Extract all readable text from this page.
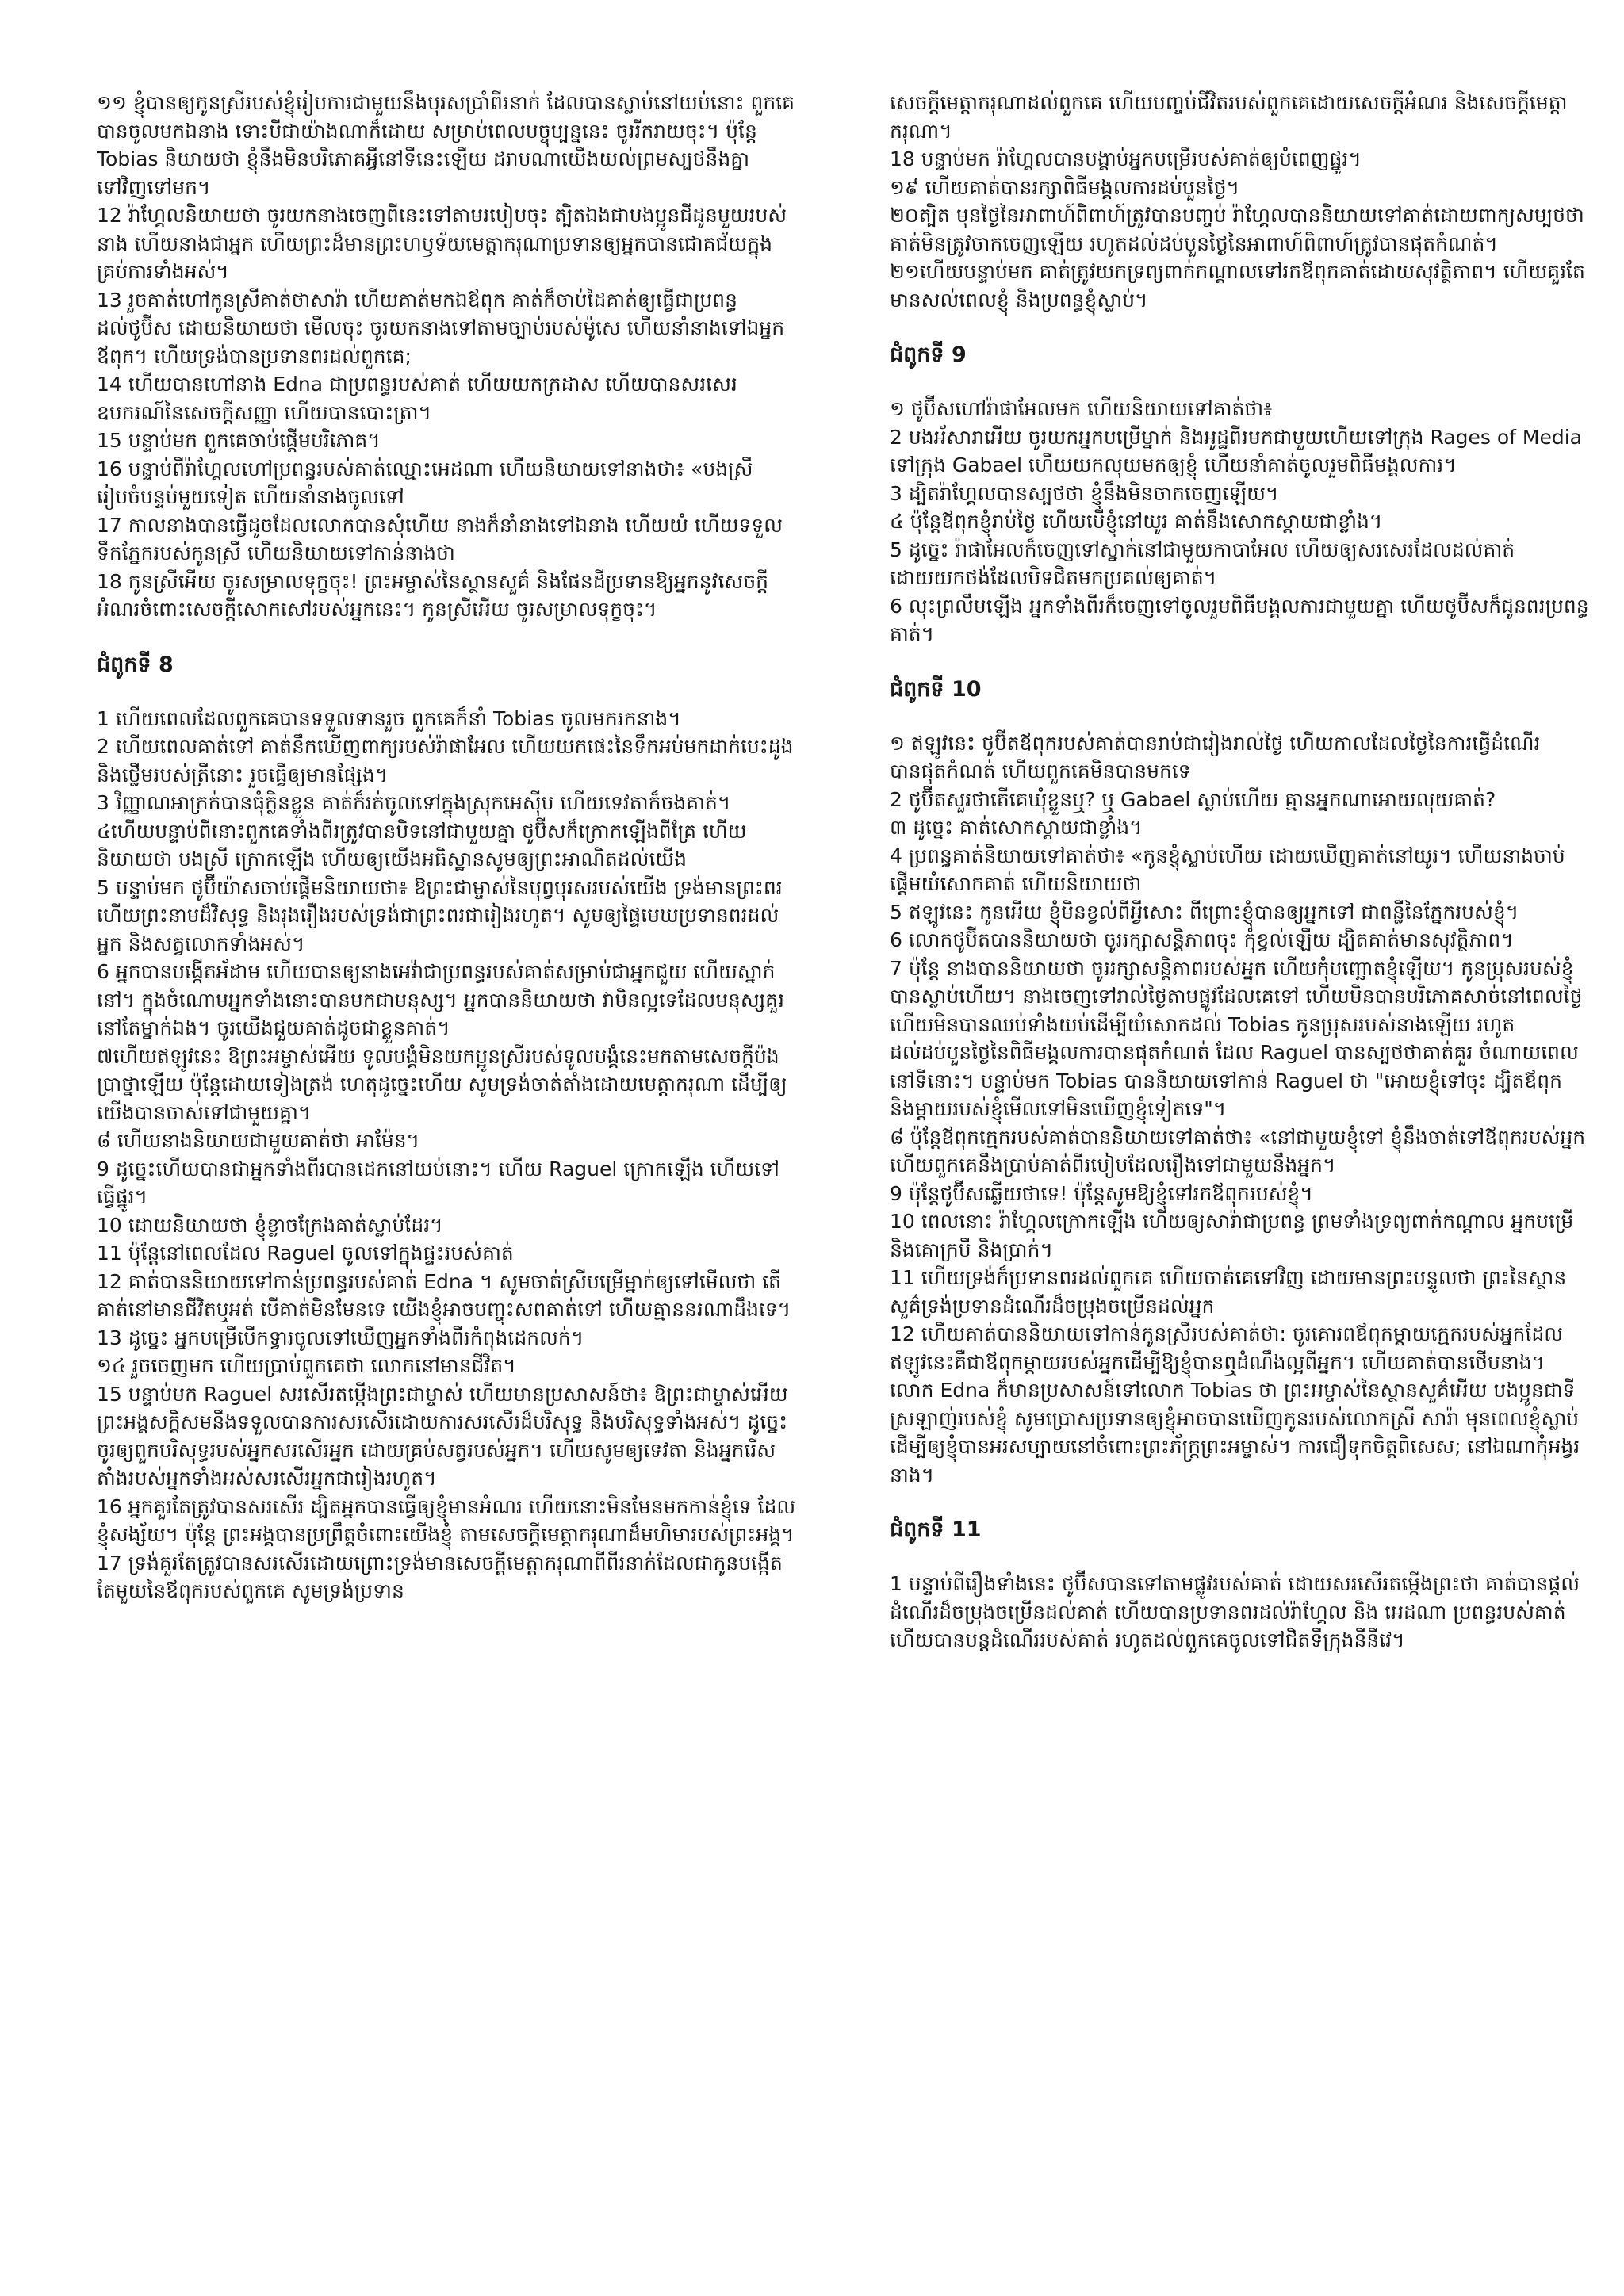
១១ ខ្ញុំបានឲ្យកូនស្រីរបស់ខ្ញុំរៀបការជាមួយនឹងបុរសប្រាំពីរនាក់ ដែលបានស្លាប់នៅយប់នោះ ពួកគេបានចូលមកឯនាង ទោះបីជាយ៉ាងណាក៏ដោយ សម្រាប់ពេលបច្ចុប្បន្ននេះ ចូររីករាយចុះ។ ប៉ុន្តែ Tobias និយាយថា ខ្ញុំនឹងមិនបរិភោគអ្វីនៅទីនេះឡើយ ដរាបណាយើងយល់ព្រមស្បថនឹងគ្នាទៅវិញទៅមក។

12 រ៉ាហ្គែលនិយាយថា ចូរយកនាងចេញពីនេះទៅតាមរបៀបចុះ ត្បិតឯងជាបងប្អូនជីដូនមួយរបស់នាង ហើយនាងជាអ្នក ហើយព្រះដ៏មានព្រះហឫទ័យមេត្តាករុណាប្រទានឲ្យអ្នកបានជោគជ័យក្នុងគ្រប់ការទាំងអស់។

13 រួចគាត់ហៅកូនស្រីគាត់ថាសារ៉ា ហើយគាត់មកឯឪពុក គាត់ក៏ចាប់ដៃគាត់ឲ្យធ្វើជាប្រពន្ធដល់ថូប៊ីស ដោយនិយាយថា មើលចុះ ចូរយកនាងទៅតាមច្បាប់របស់ម៉ូសេ ហើយនាំនាងទៅឯអ្នក ឪពុក។ ហើយទ្រង់បានប្រទានពរដល់ពួកគេ;

14 ហើយបានហៅនាង Edna ជាប្រពន្ធរបស់គាត់ ហើយយកក្រដាស ហើយបានសរសេរឧបករណ៍នៃសេចក្ដីសញ្ញា ហើយបានបោះត្រា។

15 បន្ទាប់មក ពួកគេចាប់ផ្ដើមបរិភោគ។

16 បន្ទាប់ពីរ៉ាហ្គែលហៅប្រពន្ធរបស់គាត់ឈ្មោះអេដណា ហើយនិយាយទៅនាងថា៖ «បងស្រីរៀបចំបន្ទប់មួយទៀត ហើយនាំនាងចូលទៅ

17 កាលនាងបានធ្វើដូចដែលលោកបានសុំហើយ នាងក៏នាំនាងទៅឯនាង ហើយយំ ហើយទទួលទឹកភ្នែករបស់កូនស្រី ហើយនិយាយទៅកាន់នាងថា

18 កូនស្រីអើយ ចូរសម្រាលទុក្ខចុះ! ព្រះអម្ចាស់នៃស្ថានសួគ៌ និងផែនដីប្រទានឱ្យអ្នកនូវសេចក្ដីអំណរចំពោះសេចក្ដីសោកសៅរបស់អ្នកនេះ។ កូនស្រីអើយ ចូរសម្រាលទុក្ខចុះ។

ជំពូកទី 8

1 ហើយពេលដែលពួកគេបានទទួលទានរួច ពួកគេក៏នាំ Tobias ចូលមករកនាង។

2 ហើយពេលគាត់ទៅ គាត់នឹកឃើញពាក្យរបស់រ៉ាផាអែល ហើយយកផេះនៃទឹកអប់មកដាក់បេះដូង និងថ្លើមរបស់ត្រីនោះ រួចធ្វើឲ្យមានផ្សែង។

3 វិញ្ញាណអាក្រក់បានធុំក្លិនខ្លួន គាត់ក៏រត់ចូលទៅក្នុងស្រុកអេស៊ីប ហើយទេវតាក៏ចងគាត់។

៤ហើយបន្ទាប់ពីនោះពួកគេទាំងពីរត្រូវបានបិទនៅជាមួយគ្នា ថូប៊ីសក៏ក្រោកឡើងពីគ្រែ ហើយនិយាយថា បងស្រី ក្រោកឡើង ហើយឲ្យយើងអធិស្ឋានសូមឲ្យព្រះអាណិតដល់យើង

5 បន្ទាប់មក ថូប៊ីយ៉ាសចាប់ផ្ដើមនិយាយថា៖ ឱព្រះជាម្ចាស់នៃបុព្វបុរសរបស់យើង ទ្រង់មានព្រះពរ ហើយព្រះនាមដ៏វិសុទ្ធ និងរុងរឿងរបស់ទ្រង់ជាព្រះពរជារៀងរហូត។ សូមឲ្យផ្ទៃមេឃប្រទានពរដល់អ្នក និងសត្វលោកទាំងអស់។

6 អ្នកបានបង្កើតអ័ដាម ហើយបានឲ្យនាងអេវ៉ាជាប្រពន្ធរបស់គាត់សម្រាប់ជាអ្នកជួយ ហើយស្នាក់នៅ។ ក្នុងចំណោមអ្នកទាំងនោះបានមកជាមនុស្ស។ អ្នកបាននិយាយថា វាមិនល្អទេដែលមនុស្សគួរនៅតែម្នាក់ឯង។ ចូរយើងជួយគាត់ដូចជាខ្លួនគាត់។

៧ហើយឥឡូវនេះ ឱព្រះអម្ចាស់អើយ ទូលបង្គំមិនយកប្អូនស្រីរបស់ទូលបង្គំនេះមកតាមសេចក្ដីប៉ងប្រាថ្នាឡើយ ប៉ុន្តែដោយទៀងត្រង់ ហេតុដូច្នេះហើយ សូមទ្រង់ចាត់តាំងដោយមេត្តាករុណា ដើម្បីឲ្យយើងបានចាស់ទៅជាមួយគ្នា។

៨ ហើយនាងនិយាយជាមួយគាត់ថា អាម៉ែន។

9 ដូច្នេះហើយបានជាអ្នកទាំងពីរបានដេកនៅយប់នោះ។ ហើយ Raguel ក្រោកឡើង ហើយទៅធ្វើផ្នូរ។

10 ដោយនិយាយថា ខ្ញុំខ្លាចក្រែងគាត់ស្លាប់ដែរ។

11 ប៉ុន្តែនៅពេលដែល Raguel ចូលទៅក្នុងផ្ទះរបស់គាត់

12 គាត់បាននិយាយទៅកាន់ប្រពន្ធរបស់គាត់ Edna ។ សូមចាត់ស្រីបម្រើម្នាក់ឲ្យទៅមើលថា តើគាត់នៅមានជីវិតឬអត់ បើគាត់មិនមែនទេ យើងខ្ញុំអាចបញ្ចុះសពគាត់ទៅ ហើយគ្មាននរណាដឹងទេ។

13 ដូច្នេះ អ្នកបម្រើបើកទ្វារចូលទៅឃើញអ្នកទាំងពីរកំពុងដេកលក់។

១៤ រួចចេញមក ហើយប្រាប់ពួកគេថា លោកនៅមានជីវិត។

15 បន្ទាប់មក Raguel សរសើរតម្កើងព្រះជាម្ចាស់ ហើយមានប្រសាសន៍ថា៖ ឱព្រះជាម្ចាស់អើយ ព្រះអង្គសក្ដិសមនឹងទទួលបានការសរសើរដោយការសរសើរដ៏បរិសុទ្ធ និងបរិសុទ្ធទាំងអស់។ ដូច្នេះ ចូរឲ្យពួកបរិសុទ្ធរបស់អ្នកសរសើរអ្នក ដោយគ្រប់សត្វរបស់អ្នក។ ហើយសូមឲ្យទេវតា និងអ្នករើសតាំងរបស់អ្នកទាំងអស់សរសើរអ្នកជារៀងរហូត។

16 អ្នកគួរតែត្រូវបានសរសើរ ដ្បិតអ្នកបានធ្វើឲ្យខ្ញុំមានអំណរ ហើយនោះមិនមែនមកកាន់ខ្ញុំទេ ដែលខ្ញុំសង្ស័យ។ ប៉ុន្តែ ព្រះអង្គបានប្រព្រឹត្តចំពោះយើងខ្ញុំ តាមសេចក្ដីមេត្តាករុណាដ៏មហិមារបស់ព្រះអង្គ។

17 ទ្រង់គួរតែត្រូវបានសរសើរដោយព្រោះទ្រង់មានសេចក្ដីមេត្តាករុណាពីពីរនាក់ដែលជាកូនបង្កើតតែមួយនៃឪពុករបស់ពួកគេ សូមទ្រង់ប្រទាន

សេចក្ដីមេត្តាករុណាដល់ពួកគេ ហើយបញ្ចប់ជីវិតរបស់ពួកគេដោយសេចក្ដីអំណរ និងសេចក្ដីមេត្តាករុណា។

18 បន្ទាប់មក រ៉ាហ្គែលបានបង្គាប់អ្នកបម្រើរបស់គាត់ឲ្យបំពេញផ្នូរ។

១៩ ហើយគាត់បានរក្សាពិធីមង្គលការដប់បួនថ្ងៃ។

២០ត្បិត មុនថ្ងៃនៃអាពាហ៍ពិពាហ៍ត្រូវបានបញ្ចប់ រ៉ាហ្គែលបាននិយាយទៅគាត់ដោយពាក្យសម្បថថា គាត់មិនត្រូវចាកចេញឡើយ រហូតដល់ដប់បួនថ្ងៃនៃអាពាហ៍ពិពាហ៍ត្រូវបានផុតកំណត់។

២១ហើយបន្ទាប់មក គាត់ត្រូវយកទ្រព្យពាក់កណ្ដាលទៅរកឪពុកគាត់ដោយសុវត្ថិភាព។ ហើយគួរតែមានសល់ពេលខ្ញុំ និងប្រពន្ធខ្ញុំស្លាប់។

ជំពូកទី 9

១ ថូប៊ីសហៅរ៉ាផាអែលមក ហើយនិយាយទៅគាត់ថា៖

2 បងអ័សារាអើយ ចូរយកអ្នកបម្រើម្នាក់ និងអូដ្ឋពីរមកជាមួយហើយទៅក្រុង Rages of Media ទៅក្រុង Gabael ហើយយកលុយមកឲ្យខ្ញុំ ហើយនាំគាត់ចូលរួមពិធីមង្គលការ។

3 ដ្បិតរ៉ាហ្គែលបានស្បថថា ខ្ញុំនឹងមិនចាកចេញឡើយ។

៤ ប៉ុន្តែឪពុកខ្ញុំរាប់ថ្ងៃ ហើយបើខ្ញុំនៅយូរ គាត់នឹងសោកស្ដាយជាខ្លាំង។

5 ដូច្នេះ រ៉ាផាអែលក៏ចេញទៅស្នាក់នៅជាមួយកាបាអែល ហើយឲ្យសរសេរដែលដល់គាត់ ដោយយកថង់ដែលបិទជិតមកប្រគល់ឲ្យគាត់។

6 លុះព្រលឹមឡើង អ្នកទាំងពីរក៏ចេញទៅចូលរួមពិធីមង្គលការជាមួយគ្នា ហើយថូប៊ីសក៏ជូនពរប្រពន្ធគាត់។

ជំពូកទី 10

១ ឥឡូវនេះ ថូប៊ីតឪពុករបស់គាត់បានរាប់ជារៀងរាល់ថ្ងៃ ហើយកាលដែលថ្ងៃនៃការធ្វើដំណើរបានផុតកំណត់ ហើយពួកគេមិនបានមកទេ

2 ថូប៊ីតសួរថាតើគេឃុំខ្លួនឬ? ឬ Gabael ស្លាប់ហើយ គ្មានអ្នកណាអោយលុយគាត់?

៣ ដូច្នេះ គាត់សោកស្ដាយជាខ្លាំង។

4 ប្រពន្ធគាត់និយាយទៅគាត់ថា៖ «កូនខ្ញុំស្លាប់ហើយ ដោយឃើញគាត់នៅយូរ។ ហើយនាងចាប់ផ្ដើមយំសោកគាត់ ហើយនិយាយថា

5 ឥឡូវនេះ កូនអើយ ខ្ញុំមិនខ្វល់ពីអ្វីសោះ ពីព្រោះខ្ញុំបានឲ្យអ្នកទៅ ជាពន្លឺនៃភ្នែករបស់ខ្ញុំ។

6 លោកថូប៊ីតបាននិយាយថា ចូររក្សាសន្តិភាពចុះ កុំខ្វល់ឡើយ ដ្បិតគាត់មានសុវត្ថិភាព។

7 ប៉ុន្តែ នាងបាននិយាយថា ចូររក្សាសន្តិភាពរបស់អ្នក ហើយកុំបញ្ឆោតខ្ញុំឡើយ។ កូនប្រុសរបស់ខ្ញុំបានស្លាប់ហើយ។ នាងចេញទៅរាល់ថ្ងៃតាមផ្លូវដែលគេទៅ ហើយមិនបានបរិភោគសាច់នៅពេលថ្ងៃ ហើយមិនបានឈប់ទាំងយប់ដើម្បីយំសោកដល់ Tobias កូនប្រុសរបស់នាងឡើយ រហូតដល់ដប់បួនថ្ងៃនៃពិធីមង្គលការបានផុតកំណត់ ដែល Raguel បានស្បថថាគាត់គួរ ចំណាយពេលនៅទីនោះ។ បន្ទាប់មក Tobias បាននិយាយទៅកាន់ Raguel ថា "អោយខ្ញុំទៅចុះ ដ្បិតឪពុក និងម្ដាយរបស់ខ្ញុំមើលទៅមិនឃើញខ្ញុំទៀតទេ"។

៨ ប៉ុន្តែឪពុកក្មេករបស់គាត់បាននិយាយទៅគាត់ថា៖ «នៅជាមួយខ្ញុំទៅ ខ្ញុំនឹងចាត់ទៅឪពុករបស់អ្នក ហើយពួកគេនឹងប្រាប់គាត់ពីរបៀបដែលរឿងទៅជាមួយនឹងអ្នក។

9 ប៉ុន្តែថូប៊ីសឆ្លើយថាទេ! ប៉ុន្តែសូមឱ្យខ្ញុំទៅរកឪពុករបស់ខ្ញុំ។

10 ពេលនោះ រ៉ាហ្គែលក្រោកឡើង ហើយឲ្យសារ៉ាជាប្រពន្ធ ព្រមទាំងទ្រព្យពាក់កណ្ដាល អ្នកបម្រើ និងគោក្របី និងប្រាក់។

11 ហើយទ្រង់ក៏ប្រទានពរដល់ពួកគេ ហើយចាត់គេទៅវិញ ដោយមានព្រះបន្ទូលថា ព្រះនៃស្ថានសួគ៌ទ្រង់ប្រទានដំណើរដ៏ចម្រុងចម្រើនដល់អ្នក

12 ហើយគាត់បាននិយាយទៅកាន់កូនស្រីរបស់គាត់ថា: ចូរគោរពឪពុកម្ដាយក្មេករបស់អ្នកដែលឥឡូវនេះគឺជាឪពុកម្ដាយរបស់អ្នកដើម្បីឱ្យខ្ញុំបានឮដំណឹងល្អពីអ្នក។ ហើយគាត់បានថើបនាង។ លោក Edna ក៏មានប្រសាសន៍ទៅលោក Tobias ថា ព្រះអម្ចាស់នៃស្ថានសួគ៌អើយ បងប្អូនជាទីស្រឡាញ់របស់ខ្ញុំ សូមប្រោសប្រទានឲ្យខ្ញុំអាចបានឃើញកូនរបស់លោកស្រី សារ៉ា មុនពេលខ្ញុំស្លាប់ ដើម្បីឲ្យខ្ញុំបានអរសប្បាយនៅចំពោះព្រះភ័ក្ត្រព្រះអម្ចាស់។ ការជឿទុកចិត្តពិសេស; នៅឯណាកុំអង្វរនាង។

ជំពូកទី 11

1 បន្ទាប់ពីរឿងទាំងនេះ ថូប៊ីសបានទៅតាមផ្លូវរបស់គាត់ ដោយសរសើរតម្កើងព្រះថា គាត់បានផ្ដល់ដំណើរដ៏ចម្រុងចម្រើនដល់គាត់ ហើយបានប្រទានពរដល់រ៉ាហ្គែល និង អេដណា ប្រពន្ធរបស់គាត់ ហើយបានបន្ដដំណើររបស់គាត់ រហូតដល់ពួកគេចូលទៅជិតទីក្រុងនីនីវេ។
